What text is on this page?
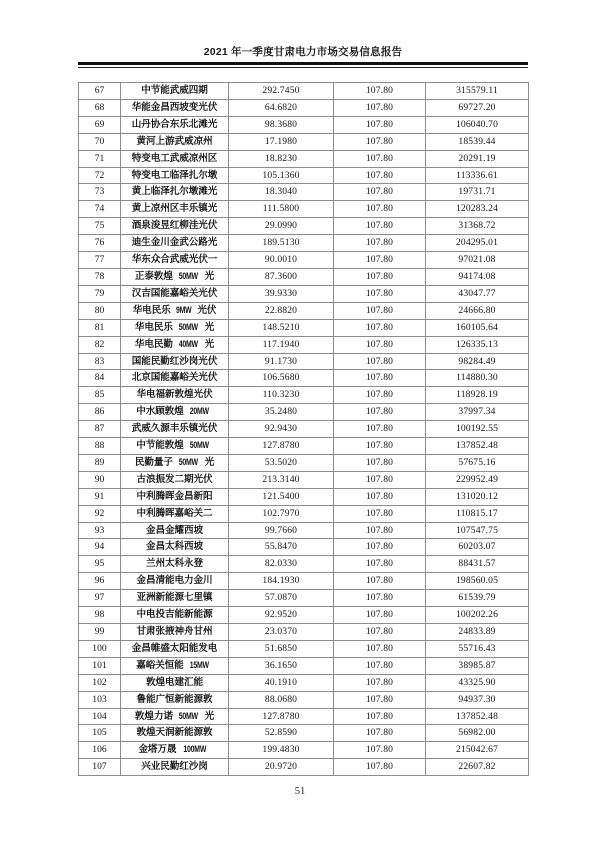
2021 年一季度甘肃电力市场交易信息报告
67	中节能武威四期	292.7450	107.80	315579.11
68	华能金昌西坡变光伏	64.6820	107.80	69727.20
69	山丹协合东乐北滩光	98.3680	107.80	106040.70
70	黄河上游武威凉州	17.1980	107.80	18539.44
71	特变电工武威凉州区	18.8230	107.80	20291.19
72	特变电工临泽扎尔墩	105.1360	107.80	113336.61
73	黄上临泽扎尔墩滩光	18.3040	107.80	19731.71
74	黄上凉州区丰乐镇光	111.5800	107.80	120283.24
75	酒泉浚昱红柳洼光伏	29.0990	107.80	31368.72
76	迪生金川金武公路光	189.5130	107.80	204295.01
77	华东众合武威光伏一	90.0010	107.80	97021.08
78	正泰敦煌 50MW 光	87.3600	107.80	94174.08
79	汉吉国能嘉峪关光伏	39.9330	107.80	43047.77
80	华电民乐 9MW 光伏	22.8820	107.80	24666.80
81	华电民乐 50MW 光	148.5210	107.80	160105.64
82	华电民勤 40MW 光	117.1940	107.80	126335.13
83	国能民勤红沙岗光伏	91.1730	107.80	98284.49
84	北京国能嘉峪关光伏	106.5680	107.80	114880.30
85	华电福新敦煌光伏	110.3230	107.80	118928.19
86	中水顾敦煌 20MW	35.2480	107.80	37997.34
87	武威久源丰乐镇光伏	92.9430	107.80	100192.55
88	中节能敦煌 50MW	127.8780	107.80	137852.48
89	民勤量子 50MW 光	53.5020	107.80	57675.16
90	古浪振发二期光伏	213.3140	107.80	229952.49
91	中利腾晖金昌新阳	121.5400	107.80	131020.12
92	中利腾晖嘉峪关二	102.7970	107.80	110815.17
93	金昌金耀西坡	99.7660	107.80	107547.75
94	金昌太科西坡	55.8470	107.80	60203.07
95	兰州太科永登	82.0330	107.80	88431.57
96	金昌清能电力金川	184.1930	107.80	198560.05
97	亚洲新能源七里镇	57.0870	107.80	61539.79
98	中电投吉能新能源	92.9520	107.80	100202.26
99	甘肃张掖神舟甘州	23.0370	107.80	24833.89
100	金昌帷盛太阳能发电	51.6850	107.80	55716.43
101	嘉峪关恒能 15MW	36.1650	107.80	38985.87
102	敦煌电建汇能	40.1910	107.80	43325.90
103	鲁能广恒新能源敦	88.0680	107.80	94937.30
104	敦煌力诺 50MW 光	127.8780	107.80	137852.48
105	敦煌天润新能源敦	52.8590	107.80	56982.00
106	金塔万晟 100MW	199.4830	107.80	215042.67
107	兴业民勤红沙岗	20.9720	107.80	22607.82
51
